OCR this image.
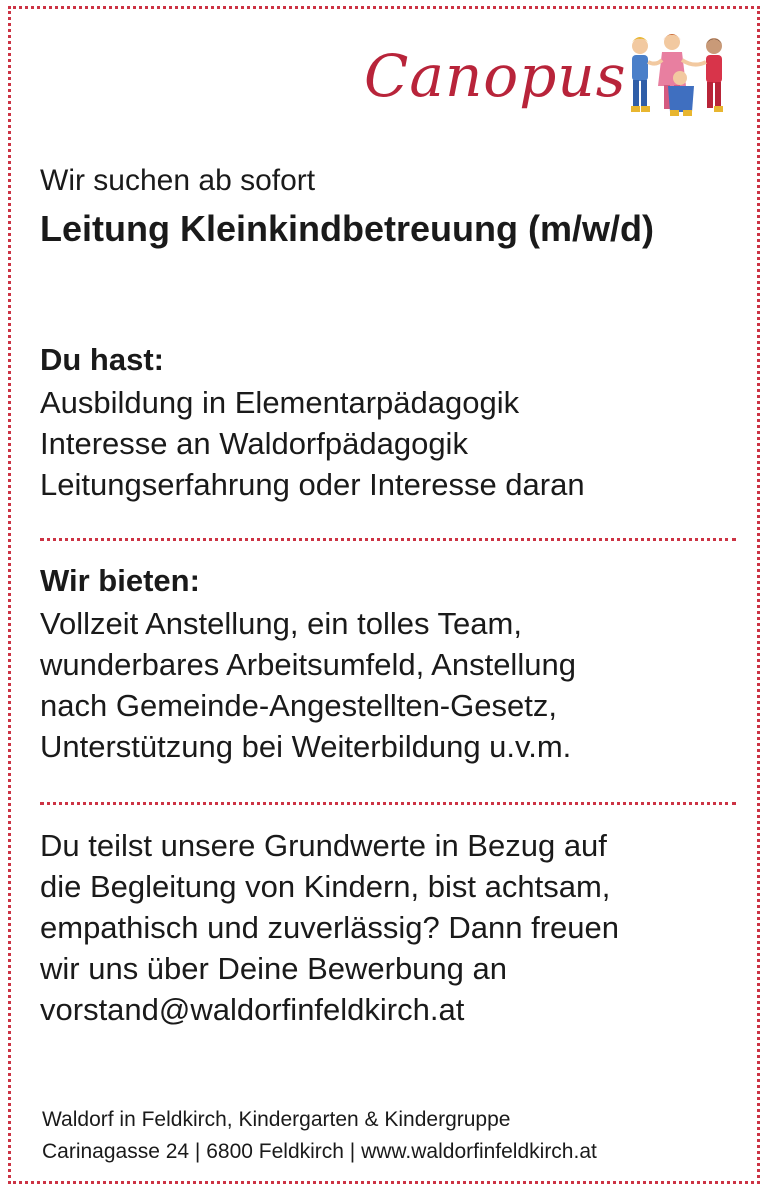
Canopus

Wir suchen ab sofort

Leitung Kleinkindbetreuung (m/w/d)
Du hast:
Ausbildung in Elementarpädagogik
Interesse an Waldorfpädagogik
Leitungserfahrung oder Interesse daran
Wir bieten:
Vollzeit Anstellung, ein tolles Team,
wunderbares Arbeitsumfeld, Anstellung
nach Gemeinde-Angestellten-Gesetz,
Unterstützung bei Weiterbildung u.v.m.
Du teilst unsere Grundwerte in Bezug auf
die Begleitung von Kindern, bist achtsam,
empathisch und zuverlässig? Dann freuen
wir uns über Deine Bewerbung an
vorstand@waldorfinfeldkirch.at
Waldorf in Feldkirch, Kindergarten & Kindergruppe
Carinagasse 24 | 6800 Feldkirch | www.waldorfinfeldkirch.at
